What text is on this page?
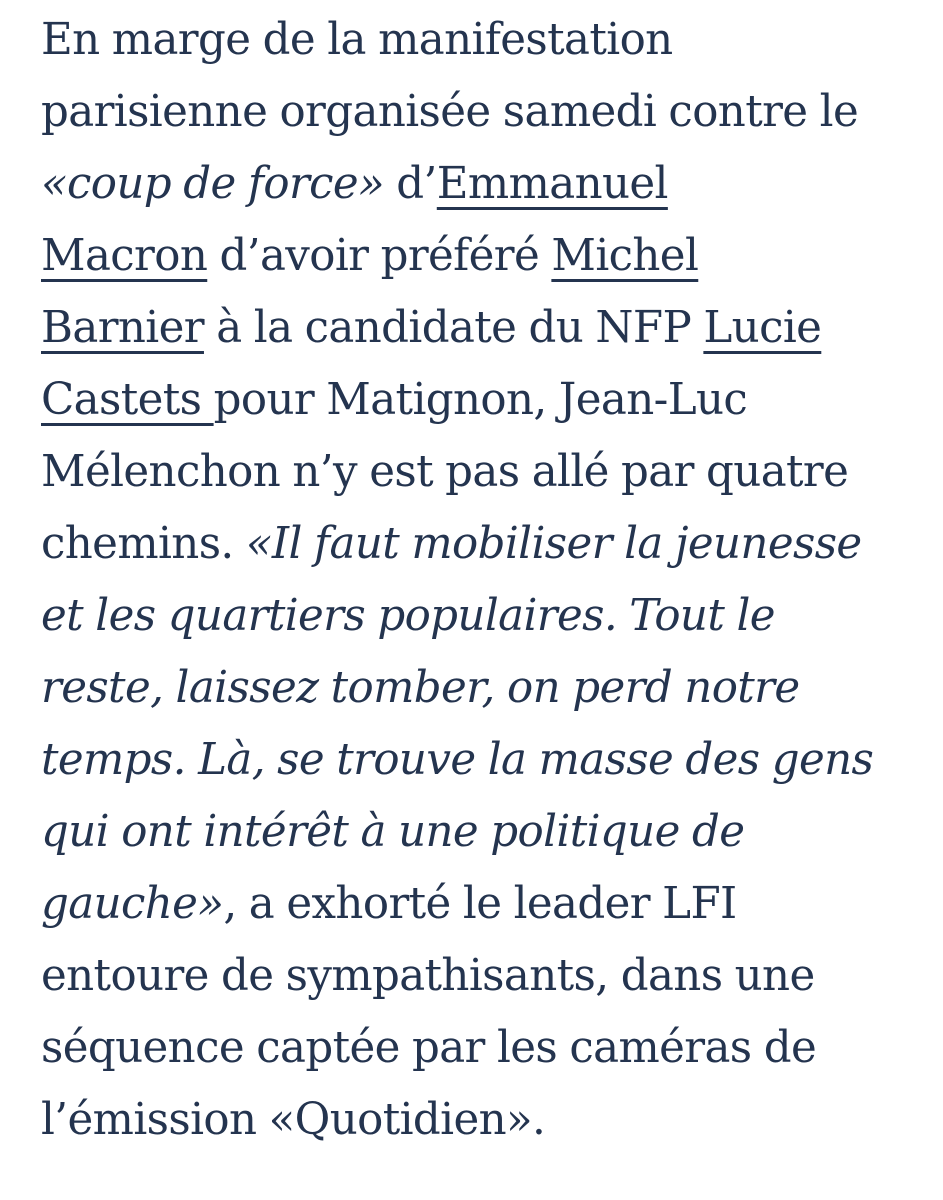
En marge de la manifestation
parisienne organisée samedi contre le
«coup de force» d’Emmanuel
Macron d’avoir préféré Michel
Barnier à la candidate du NFP Lucie
Castets pour Matignon, Jean-Luc
Mélenchon n’y est pas allé par quatre
chemins. «Il faut mobiliser la jeunesse
et les quartiers populaires. Tout le
reste, laissez tomber, on perd notre
temps. Là, se trouve la masse des gens
qui ont intérêt à une politique de
gauche», a exhorté le leader LFI
entoure de sympathisants, dans une
séquence captée par les caméras de
l’émission «Quotidien».
